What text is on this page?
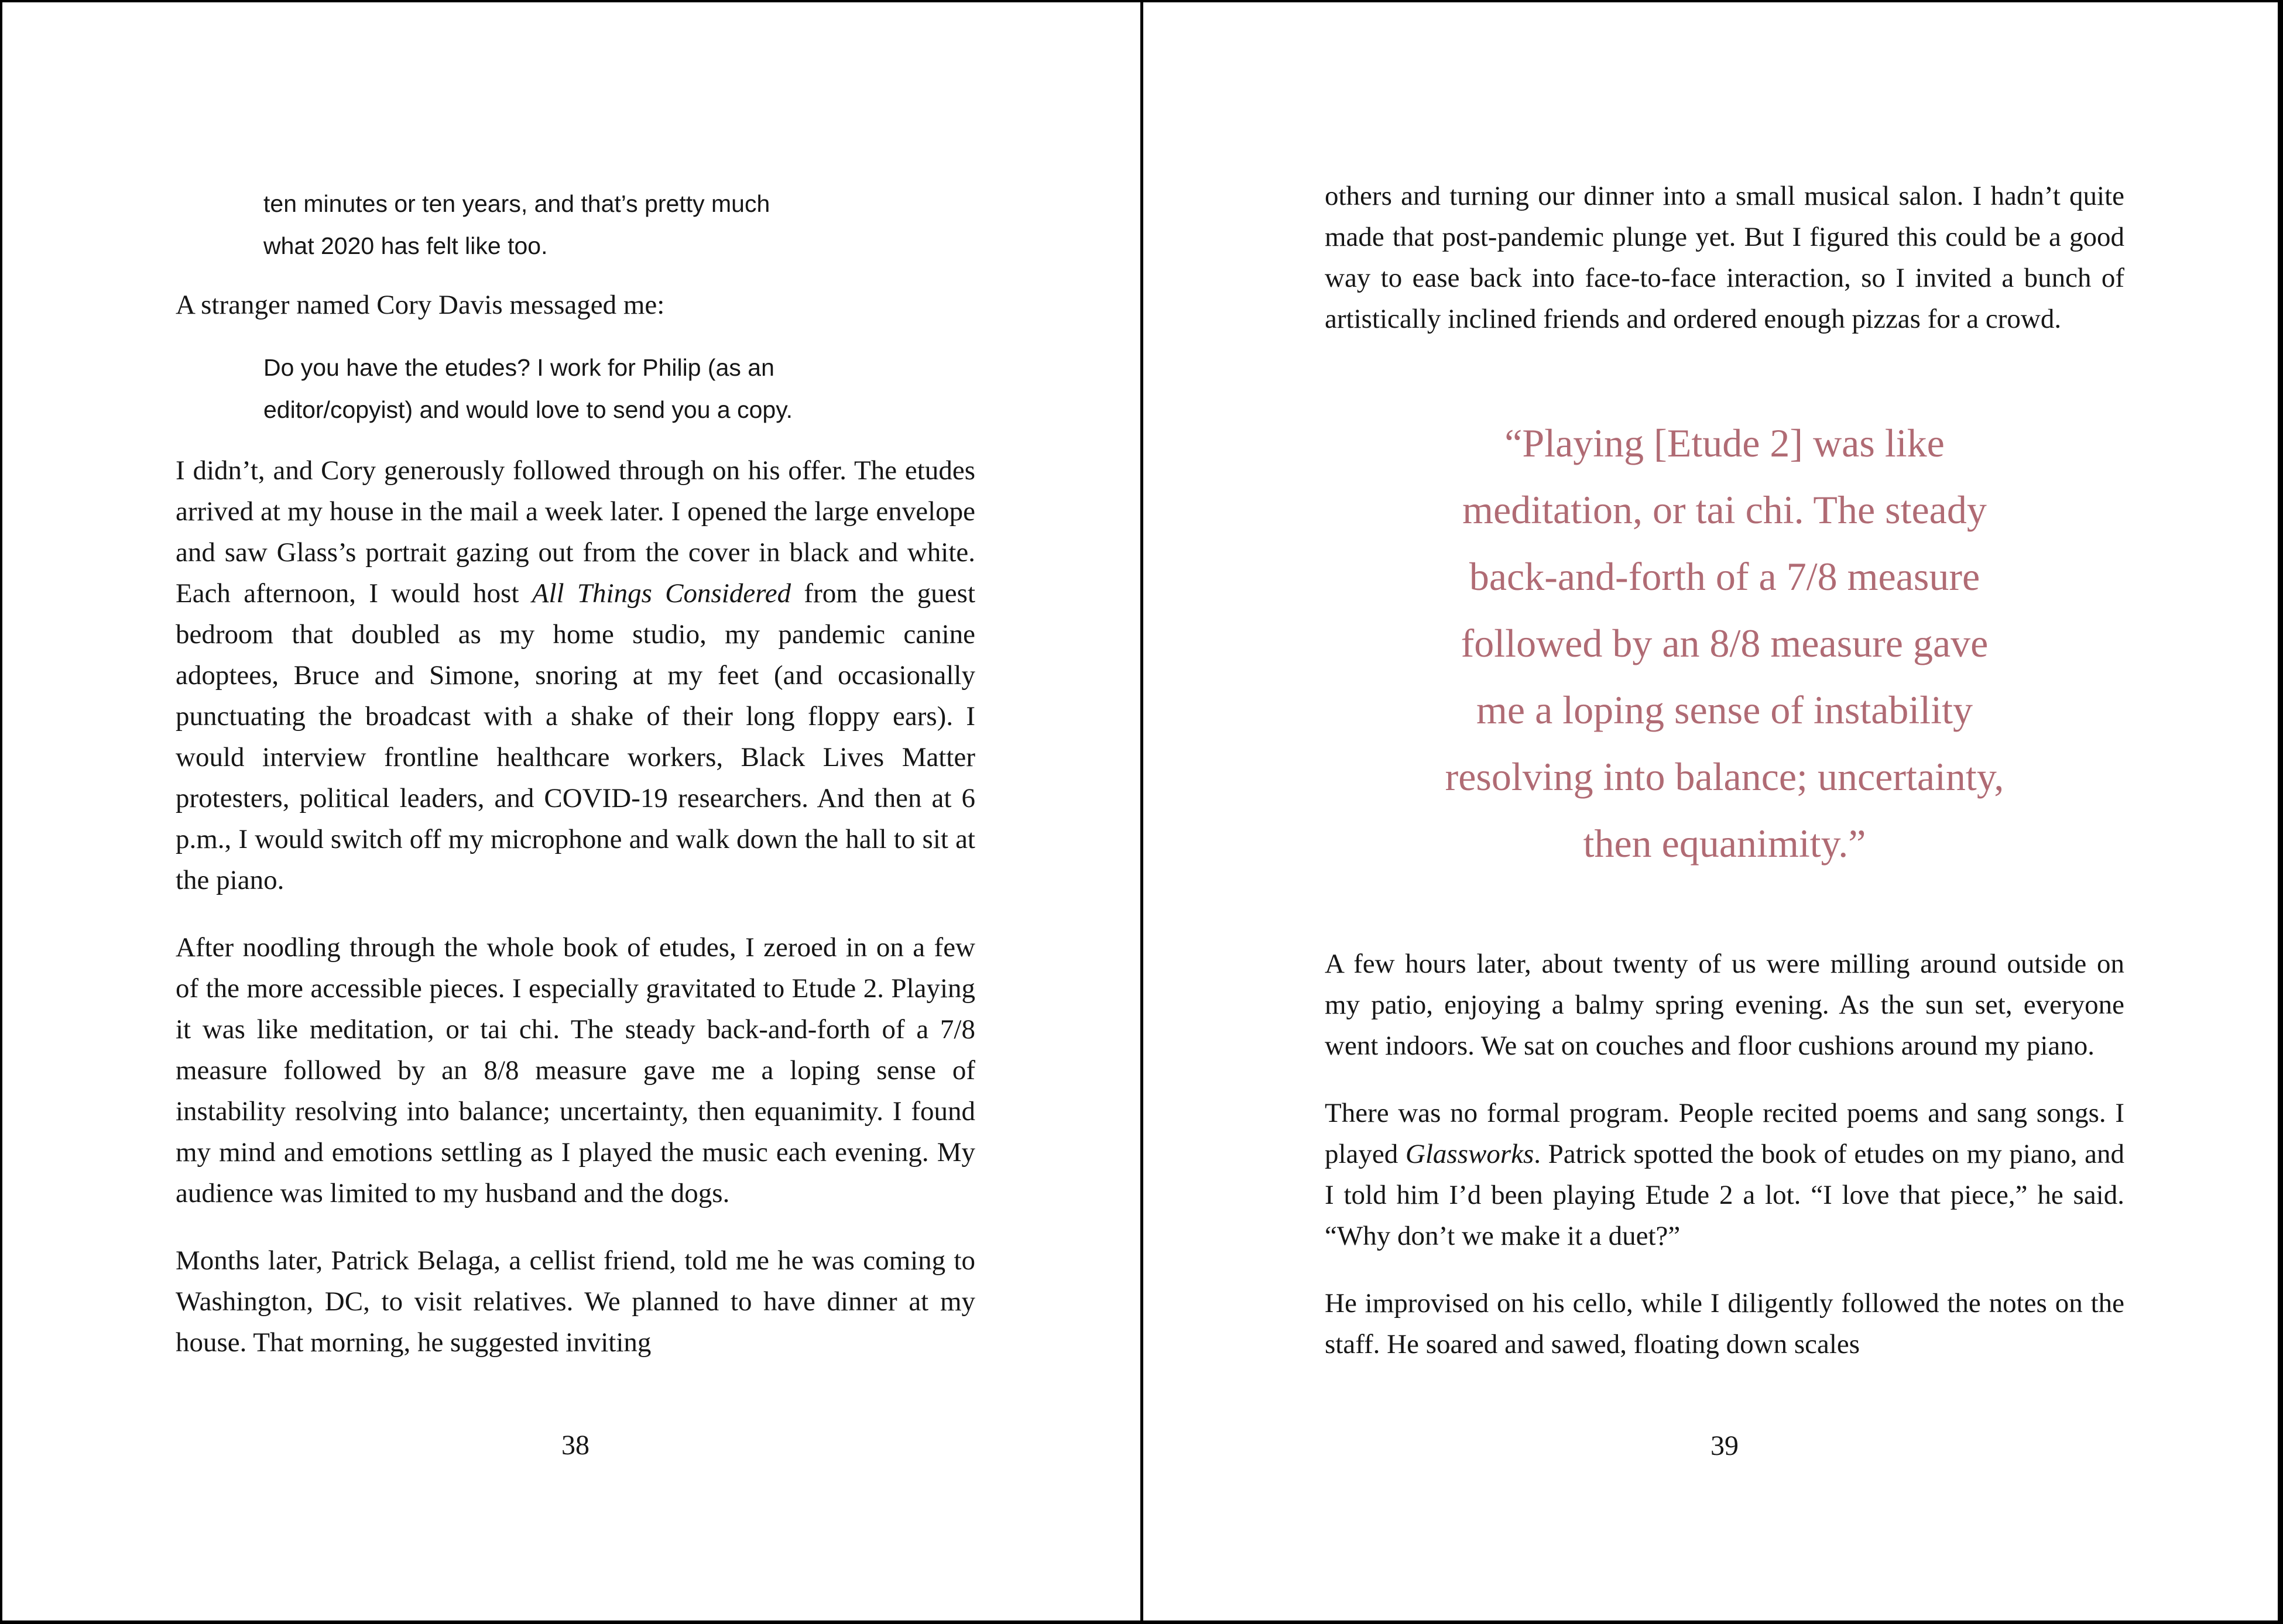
ten minutes or ten years, and that’s pretty much
what 2020 has felt like too.

A stranger named Cory Davis messaged me:

Do you have the etudes? I work for Philip (as an
editor/copyist) and would love to send you a copy.

I didn’t, and Cory generously followed through on his offer. The etudes arrived at my house in the mail a week later. I opened the large envelope and saw Glass’s portrait gazing out from the cover in black and white. Each afternoon, I would host All Things Considered from the guest bedroom that doubled as my home studio, my pandemic canine adoptees, Bruce and Simone, snoring at my feet (and occasionally punctuating the broadcast with a shake of their long floppy ears). I would interview frontline healthcare workers, Black Lives Matter protesters, political leaders, and COVID-19 researchers. And then at 6 p.m., I would switch off my microphone and walk down the hall to sit at the piano.

After noodling through the whole book of etudes, I zeroed in on a few of the more accessible pieces. I especially gravitated to Etude 2. Playing it was like meditation, or tai chi. The steady back-and-forth of a 7/8 measure followed by an 8/8 measure gave me a loping sense of instability resolving into balance; uncertainty, then equanimity. I found my mind and emotions settling as I played the music each evening. My audience was limited to my husband and the dogs.

Months later, Patrick Belaga, a cellist friend, told me he was coming to Washington, DC, to visit relatives. We planned to have dinner at my house. That morning, he suggested inviting

38

others and turning our dinner into a small musical salon. I hadn’t quite made that post-pandemic plunge yet. But I figured this could be a good way to ease back into face-to-face interaction, so I invited a bunch of artistically inclined friends and ordered enough pizzas for a crowd.

“Playing [Etude 2] was like
meditation, or tai chi. The steady
back-and-forth of a 7/8 measure
followed by an 8/8 measure gave
me a loping sense of instability
resolving into balance; uncertainty,
then equanimity.”

A few hours later, about twenty of us were milling around outside on my patio, enjoying a balmy spring evening. As the sun set, everyone went indoors. We sat on couches and floor cushions around my piano.

There was no formal program. People recited poems and sang songs. I played Glassworks. Patrick spotted the book of etudes on my piano, and I told him I’d been playing Etude 2 a lot. “I love that piece,” he said. “Why don’t we make it a duet?”

He improvised on his cello, while I diligently followed the notes on the staff. He soared and sawed, floating down scales

39
